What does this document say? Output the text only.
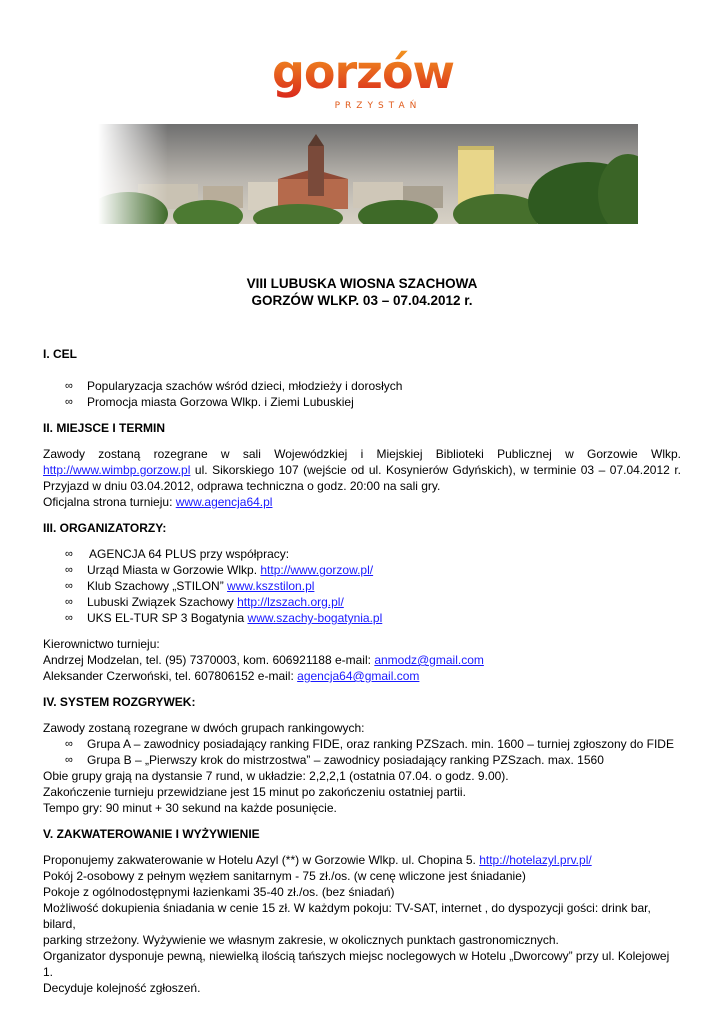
gorzów
PRZYSTAŃ
VIII LUBUSKA WIOSNA SZACHOWA
GORZÓW WLKP. 03 – 07.04.2012 r.

I. CEL

∞ Popularyzacja szachów wśród dzieci, młodzieży i dorosłych
∞ Promocja miasta Gorzowa Wlkp. i Ziemi Lubuskiej

II. MIEJSCE I TERMIN

Zawody zostaną rozegrane w sali Wojewódzkiej i Miejskiej Biblioteki Publicznej w Gorzowie Wlkp.

http://www.wimbp.gorzow.pl ul. Sikorskiego 107 (wejście od ul. Kosynierów Gdyńskich), w terminie 03 – 07.04.2012 r.

Przyjazd w dniu 03.04.2012, odprawa techniczna o godz. 20:00 na sali gry.

Oficjalna strona turnieju: www.agencja64.pl

III. ORGANIZATORZY:

∞ AGENCJA 64 PLUS przy współpracy:
∞ Urząd Miasta w Gorzowie Wlkp. http://www.gorzow.pl/
∞ Klub Szachowy „STILON” www.kszstilon.pl
∞ Lubuski Związek Szachowy http://lzszach.org.pl/
∞ UKS EL-TUR SP 3 Bogatynia www.szachy-bogatynia.pl

Kierownictwo turnieju:

Andrzej Modzelan, tel. (95) 7370003, kom. 606921188 e-mail: anmodz@gmail.com

Aleksander Czerwoński, tel. 607806152 e-mail: agencja64@gmail.com

IV. SYSTEM ROZGRYWEK:

Zawody zostaną rozegrane w dwóch grupach rankingowych:

∞ Grupa A – zawodnicy posiadający ranking FIDE, oraz ranking PZSzach. min. 1600 – turniej zgłoszony do FIDE
∞ Grupa B – „Pierwszy krok do mistrzostwa” – zawodnicy posiadający ranking PZSzach. max. 1560

Obie grupy grają na dystansie 7 rund, w układzie: 2,2,2,1 (ostatnia 07.04. o godz. 9.00).

Zakończenie turnieju przewidziane jest 15 minut po zakończeniu ostatniej partii.

Tempo gry: 90 minut + 30 sekund na każde posunięcie.

V. ZAKWATEROWANIE I WYŻYWIENIE

Proponujemy zakwaterowanie w Hotelu Azyl (**) w Gorzowie Wlkp. ul. Chopina 5. http://hotelazyl.prv.pl/

Pokój 2-osobowy z pełnym węzłem sanitarnym - 75 zł./os. (w cenę wliczone jest śniadanie)

Pokoje z ogólnodostępnymi łazienkami 35-40 zł./os. (bez śniadań)

Możliwość dokupienia śniadania w cenie 15 zł. W każdym pokoju: TV-SAT, internet , do dyspozycji gości: drink bar, bilard,

parking strzeżony. Wyżywienie we własnym zakresie, w okolicznych punktach gastronomicznych.

Organizator dysponuje pewną, niewielką ilością tańszych miejsc noclegowych w Hotelu „Dworcowy” przy ul. Kolejowej 1.

Decyduje kolejność zgłoszeń.
